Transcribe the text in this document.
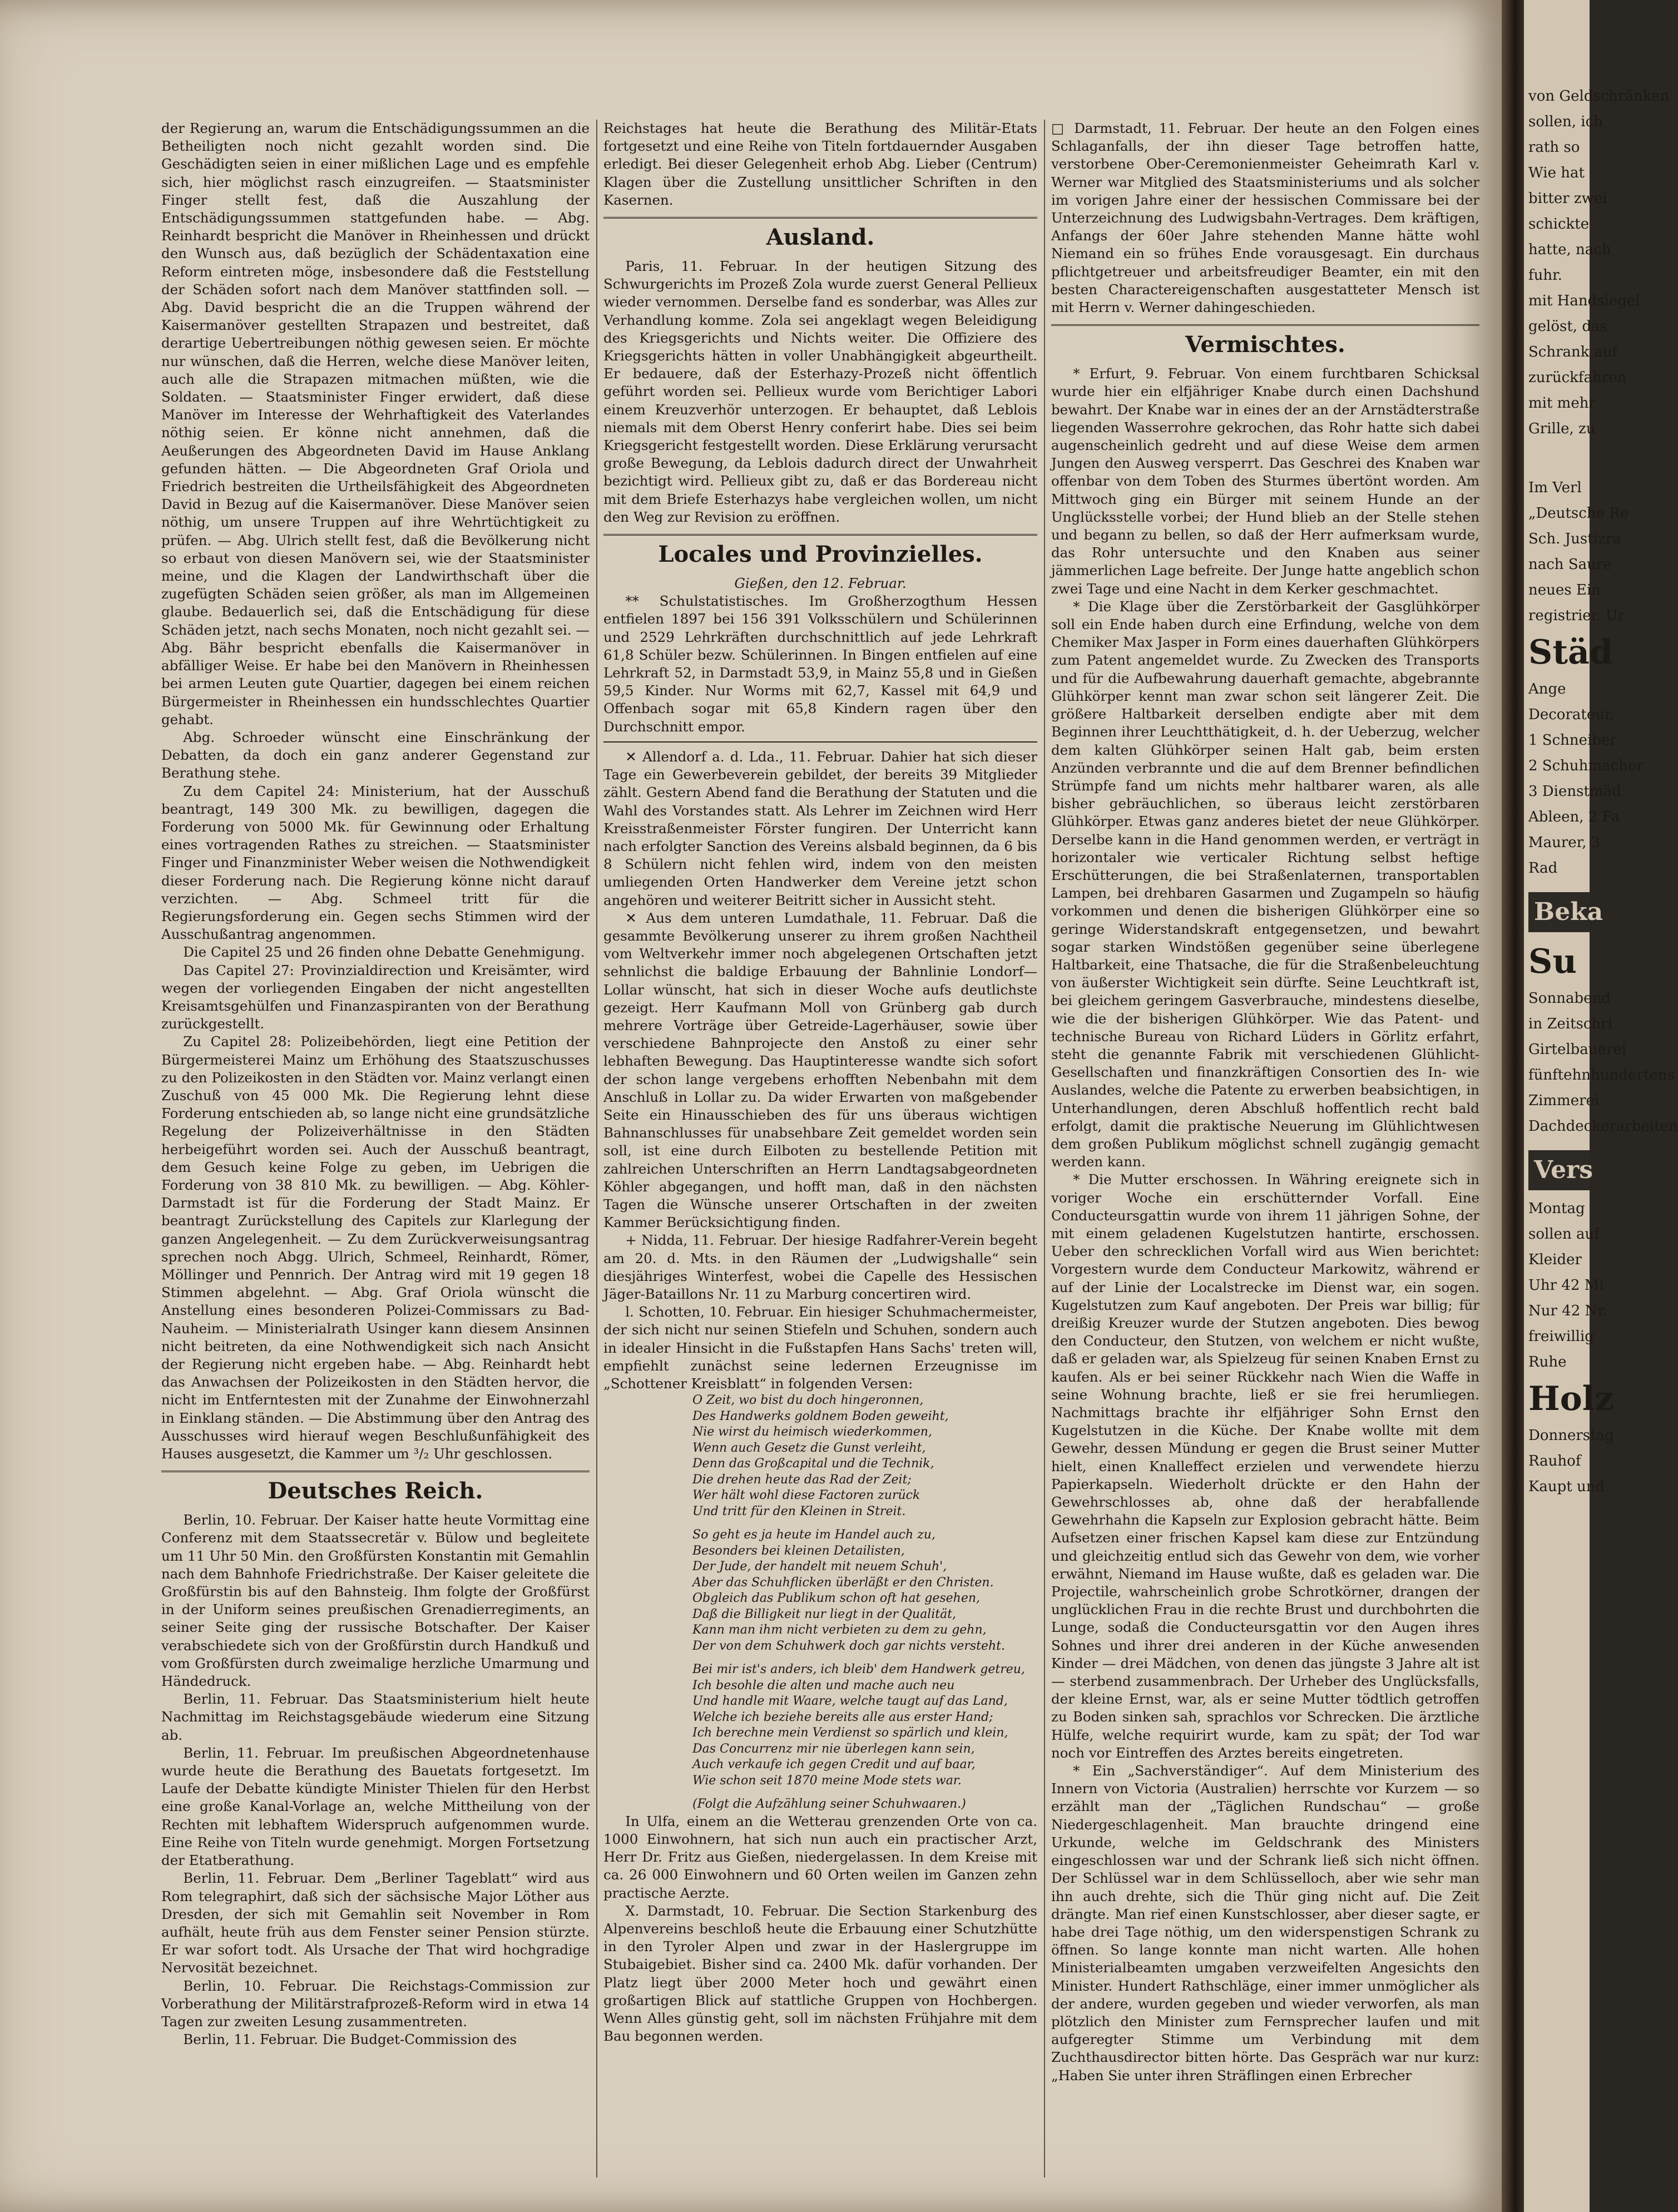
der Regierung an, warum die Entschädigungssummen an die Betheiligten noch nicht gezahlt worden sind. Die Geschädigten seien in einer mißlichen Lage und es empfehle sich, hier möglichst rasch einzugreifen. — Staatsminister Finger stellt fest, daß die Auszahlung der Entschädigungssummen stattgefunden habe. — Abg. Reinhardt bespricht die Manöver in Rheinhessen und drückt den Wunsch aus, daß bezüglich der Schädentaxation eine Reform eintreten möge, insbesondere daß die Feststellung der Schäden sofort nach dem Manöver stattfinden soll. — Abg. David bespricht die an die Truppen während der Kaisermanöver gestellten Strapazen und bestreitet, daß derartige Uebertreibungen nöthig gewesen seien. Er möchte nur wünschen, daß die Herren, welche diese Manöver leiten, auch alle die Strapazen mitmachen müßten, wie die Soldaten. — Staatsminister Finger erwidert, daß diese Manöver im Interesse der Wehrhaftigkeit des Vaterlandes nöthig seien. Er könne nicht annehmen, daß die Aeußerungen des Abgeordneten David im Hause Anklang gefunden hätten. — Die Abgeordneten Graf Oriola und Friedrich bestreiten die Urtheilsfähigkeit des Abgeordneten David in Bezug auf die Kaisermanöver. Diese Manöver seien nöthig, um unsere Truppen auf ihre Wehrtüchtigkeit zu prüfen. — Abg. Ulrich stellt fest, daß die Bevölkerung nicht so erbaut von diesen Manövern sei, wie der Staatsminister meine, und die Klagen der Landwirthschaft über die zugefügten Schäden seien größer, als man im Allgemeinen glaube. Bedauerlich sei, daß die Entschädigung für diese Schäden jetzt, nach sechs Monaten, noch nicht gezahlt sei. — Abg. Bähr bespricht ebenfalls die Kaisermanöver in abfälliger Weise. Er habe bei den Manövern in Rheinhessen bei armen Leuten gute Quartier, dagegen bei einem reichen Bürgermeister in Rheinhessen ein hundsschlechtes Quartier gehabt.

Abg. Schroeder wünscht eine Einschränkung der Debatten, da doch ein ganz anderer Gegenstand zur Berathung stehe.

Zu dem Capitel 24: Ministerium, hat der Ausschuß beantragt, 149 300 Mk. zu bewilligen, dagegen die Forderung von 5000 Mk. für Gewinnung oder Erhaltung eines vortragenden Rathes zu streichen. — Staatsminister Finger und Finanzminister Weber weisen die Nothwendigkeit dieser Forderung nach. Die Regierung könne nicht darauf verzichten. — Abg. Schmeel tritt für die Regierungsforderung ein. Gegen sechs Stimmen wird der Ausschußantrag angenommen.

Die Capitel 25 und 26 finden ohne Debatte Genehmigung.

Das Capitel 27: Provinzialdirection und Kreisämter, wird wegen der vorliegenden Eingaben der nicht angestellten Kreisamtsgehülfen und Finanzaspiranten von der Berathung zurückgestellt.

Zu Capitel 28: Polizeibehörden, liegt eine Petition der Bürgermeisterei Mainz um Erhöhung des Staatszuschusses zu den Polizeikosten in den Städten vor. Mainz verlangt einen Zuschuß von 45 000 Mk. Die Regierung lehnt diese Forderung entschieden ab, so lange nicht eine grundsätzliche Regelung der Polizeiverhältnisse in den Städten herbeigeführt worden sei. Auch der Ausschuß beantragt, dem Gesuch keine Folge zu geben, im Uebrigen die Forderung von 38 810 Mk. zu bewilligen. — Abg. Köhler-Darmstadt ist für die Forderung der Stadt Mainz. Er beantragt Zurückstellung des Capitels zur Klarlegung der ganzen Angelegenheit. — Zu dem Zurückverweisungsantrag sprechen noch Abgg. Ulrich, Schmeel, Reinhardt, Römer, Möllinger und Pennrich. Der Antrag wird mit 19 gegen 18 Stimmen abgelehnt. — Abg. Graf Oriola wünscht die Anstellung eines besonderen Polizei-Commissars zu Bad-Nauheim. — Ministerialrath Usinger kann diesem Ansinnen nicht beitreten, da eine Nothwendigkeit sich nach Ansicht der Regierung nicht ergeben habe. — Abg. Reinhardt hebt das Anwachsen der Polizeikosten in den Städten hervor, die nicht im Entferntesten mit der Zunahme der Einwohnerzahl in Einklang ständen. — Die Abstimmung über den Antrag des Ausschusses wird hierauf wegen Beschlußunfähigkeit des Hauses ausgesetzt, die Kammer um ³/₂ Uhr geschlossen.

Deutsches Reich.

Berlin, 10. Februar. Der Kaiser hatte heute Vormittag eine Conferenz mit dem Staatssecretär v. Bülow und begleitete um 11 Uhr 50 Min. den Großfürsten Konstantin mit Gemahlin nach dem Bahnhofe Friedrichstraße. Der Kaiser geleitete die Großfürstin bis auf den Bahnsteig. Ihm folgte der Großfürst in der Uniform seines preußischen Grenadierregiments, an seiner Seite ging der russische Botschafter. Der Kaiser verabschiedete sich von der Großfürstin durch Handkuß und vom Großfürsten durch zweimalige herzliche Umarmung und Händedruck.

Berlin, 11. Februar. Das Staatsministerium hielt heute Nachmittag im Reichstagsgebäude wiederum eine Sitzung ab.

Berlin, 11. Februar. Im preußischen Abgeordnetenhause wurde heute die Berathung des Bauetats fortgesetzt. Im Laufe der Debatte kündigte Minister Thielen für den Herbst eine große Kanal-Vorlage an, welche Mittheilung von der Rechten mit lebhaftem Widerspruch aufgenommen wurde. Eine Reihe von Titeln wurde genehmigt. Morgen Fortsetzung der Etatberathung.

Berlin, 11. Februar. Dem „Berliner Tageblatt“ wird aus Rom telegraphirt, daß sich der sächsische Major Löther aus Dresden, der sich mit Gemahlin seit November in Rom aufhält, heute früh aus dem Fenster seiner Pension stürzte. Er war sofort todt. Als Ursache der That wird hochgradige Nervosität bezeichnet.

Berlin, 10. Februar. Die Reichstags-Commission zur Vorberathung der Militärstrafprozeß-Reform wird in etwa 14 Tagen zur zweiten Lesung zusammentreten.

Berlin, 11. Februar. Die Budget-Commission des

Reichstages hat heute die Berathung des Militär-Etats fortgesetzt und eine Reihe von Titeln fortdauernder Ausgaben erledigt. Bei dieser Gelegenheit erhob Abg. Lieber (Centrum) Klagen über die Zustellung unsittlicher Schriften in den Kasernen.

Ausland.

Paris, 11. Februar. In der heutigen Sitzung des Schwurgerichts im Prozeß Zola wurde zuerst General Pellieux wieder vernommen. Derselbe fand es sonderbar, was Alles zur Verhandlung komme. Zola sei angeklagt wegen Beleidigung des Kriegsgerichts und Nichts weiter. Die Offiziere des Kriegsgerichts hätten in voller Unabhängigkeit abgeurtheilt. Er bedauere, daß der Esterhazy-Prozeß nicht öffentlich geführt worden sei. Pellieux wurde vom Berichtiger Labori einem Kreuzverhör unterzogen. Er behauptet, daß Leblois niemals mit dem Oberst Henry conferirt habe. Dies sei beim Kriegsgericht festgestellt worden. Diese Erklärung verursacht große Bewegung, da Leblois dadurch direct der Unwahrheit bezichtigt wird. Pellieux gibt zu, daß er das Bordereau nicht mit dem Briefe Esterhazys habe vergleichen wollen, um nicht den Weg zur Revision zu eröffnen.

Locales und Provinzielles.

Gießen, den 12. Februar.

** Schulstatistisches. Im Großherzogthum Hessen entfielen 1897 bei 156 391 Volksschülern und Schülerinnen und 2529 Lehrkräften durchschnittlich auf jede Lehrkraft 61,8 Schüler bezw. Schülerinnen. In Bingen entfielen auf eine Lehrkraft 52, in Darmstadt 53,9, in Mainz 55,8 und in Gießen 59,5 Kinder. Nur Worms mit 62,7, Kassel mit 64,9 und Offenbach sogar mit 65,8 Kindern ragen über den Durchschnitt empor.

✕ Allendorf a. d. Lda., 11. Februar. Dahier hat sich dieser Tage ein Gewerbeverein gebildet, der bereits 39 Mitglieder zählt. Gestern Abend fand die Berathung der Statuten und die Wahl des Vorstandes statt. Als Lehrer im Zeichnen wird Herr Kreisstraßenmeister Förster fungiren. Der Unterricht kann nach erfolgter Sanction des Vereins alsbald beginnen, da 6 bis 8 Schülern nicht fehlen wird, indem von den meisten umliegenden Orten Handwerker dem Vereine jetzt schon angehören und weiterer Beitritt sicher in Aussicht steht.

✕ Aus dem unteren Lumdathale, 11. Februar. Daß die gesammte Bevölkerung unserer zu ihrem großen Nachtheil vom Weltverkehr immer noch abgelegenen Ortschaften jetzt sehnlichst die baldige Erbauung der Bahnlinie Londorf—Lollar wünscht, hat sich in dieser Woche aufs deutlichste gezeigt. Herr Kaufmann Moll von Grünberg gab durch mehrere Vorträge über Getreide-Lagerhäuser, sowie über verschiedene Bahnprojecte den Anstoß zu einer sehr lebhaften Bewegung. Das Hauptinteresse wandte sich sofort der schon lange vergebens erhofften Nebenbahn mit dem Anschluß in Lollar zu. Da wider Erwarten von maßgebender Seite ein Hinausschieben des für uns überaus wichtigen Bahnanschlusses für unabsehbare Zeit gemeldet worden sein soll, ist eine durch Eilboten zu bestellende Petition mit zahlreichen Unterschriften an Herrn Landtagsabgeordneten Köhler abgegangen, und hofft man, daß in den nächsten Tagen die Wünsche unserer Ortschaften in der zweiten Kammer Berücksichtigung finden.

+ Nidda, 11. Februar. Der hiesige Radfahrer-Verein begeht am 20. d. Mts. in den Räumen der „Ludwigshalle“ sein diesjähriges Winterfest, wobei die Capelle des Hessischen Jäger-Bataillons Nr. 11 zu Marburg concertiren wird.

l. Schotten, 10. Februar. Ein hiesiger Schuhmachermeister, der sich nicht nur seinen Stiefeln und Schuhen, sondern auch in idealer Hinsicht in die Fußstapfen Hans Sachs' treten will, empfiehlt zunächst seine ledernen Erzeugnisse im „Schottener Kreisblatt“ in folgenden Versen:

O Zeit, wo bist du doch hingeronnen,
Des Handwerks goldnem Boden geweiht,
Nie wirst du heimisch wiederkommen,
Wenn auch Gesetz die Gunst verleiht,
Denn das Großcapital und die Technik,
Die drehen heute das Rad der Zeit;
Wer hält wohl diese Factoren zurück
Und tritt für den Kleinen in Streit.
So geht es ja heute im Handel auch zu,
Besonders bei kleinen Detailisten,
Der Jude, der handelt mit neuem Schuh',
Aber das Schuhflicken überläßt er den Christen.
Obgleich das Publikum schon oft hat gesehen,
Daß die Billigkeit nur liegt in der Qualität,
Kann man ihm nicht verbieten zu dem zu gehn,
Der von dem Schuhwerk doch gar nichts versteht.
Bei mir ist's anders, ich bleib' dem Handwerk getreu,
Ich besohle die alten und mache auch neu
Und handle mit Waare, welche taugt auf das Land,
Welche ich beziehe bereits alle aus erster Hand;
Ich berechne mein Verdienst so spärlich und klein,
Das Concurrenz mir nie überlegen kann sein,
Auch verkaufe ich gegen Credit und auf baar,
Wie schon seit 1870 meine Mode stets war.
(Folgt die Aufzählung seiner Schuhwaaren.)

In Ulfa, einem an die Wetterau grenzenden Orte von ca. 1000 Einwohnern, hat sich nun auch ein practischer Arzt, Herr Dr. Fritz aus Gießen, niedergelassen. In dem Kreise mit ca. 26 000 Einwohnern und 60 Orten weilen im Ganzen zehn practische Aerzte.

X. Darmstadt, 10. Februar. Die Section Starkenburg des Alpenvereins beschloß heute die Erbauung einer Schutzhütte in den Tyroler Alpen und zwar in der Haslergruppe im Stubaigebiet. Bisher sind ca. 2400 Mk. dafür vorhanden. Der Platz liegt über 2000 Meter hoch und gewährt einen großartigen Blick auf stattliche Gruppen von Hochbergen. Wenn Alles günstig geht, soll im nächsten Frühjahre mit dem Bau begonnen werden.

□ Darmstadt, 11. Februar. Der heute an den Folgen eines Schlaganfalls, der ihn dieser Tage betroffen hatte, verstorbene Ober-Ceremonienmeister Geheimrath Karl v. Werner war Mitglied des Staatsministeriums und als solcher im vorigen Jahre einer der hessischen Commissare bei der Unterzeichnung des Ludwigsbahn-Vertrages. Dem kräftigen, Anfangs der 60er Jahre stehenden Manne hätte wohl Niemand ein so frühes Ende vorausgesagt. Ein durchaus pflichtgetreuer und arbeitsfreudiger Beamter, ein mit den besten Charactereigenschaften ausgestatteter Mensch ist mit Herrn v. Werner dahingeschieden.

Vermischtes.

* Erfurt, 9. Februar. Von einem furchtbaren Schicksal wurde hier ein elfjähriger Knabe durch einen Dachshund bewahrt. Der Knabe war in eines der an der Arnstädterstraße liegenden Wasserrohre gekrochen, das Rohr hatte sich dabei augenscheinlich gedreht und auf diese Weise dem armen Jungen den Ausweg versperrt. Das Geschrei des Knaben war offenbar von dem Toben des Sturmes übertönt worden. Am Mittwoch ging ein Bürger mit seinem Hunde an der Unglücksstelle vorbei; der Hund blieb an der Stelle stehen und begann zu bellen, so daß der Herr aufmerksam wurde, das Rohr untersuchte und den Knaben aus seiner jämmerlichen Lage befreite. Der Junge hatte angeblich schon zwei Tage und eine Nacht in dem Kerker geschmachtet.

* Die Klage über die Zerstörbarkeit der Gasglühkörper soll ein Ende haben durch eine Erfindung, welche von dem Chemiker Max Jasper in Form eines dauerhaften Glühkörpers zum Patent angemeldet wurde. Zu Zwecken des Transports und für die Aufbewahrung dauerhaft gemachte, abgebrannte Glühkörper kennt man zwar schon seit längerer Zeit. Die größere Haltbarkeit derselben endigte aber mit dem Beginnen ihrer Leuchtthätigkeit, d. h. der Ueberzug, welcher dem kalten Glühkörper seinen Halt gab, beim ersten Anzünden verbrannte und die auf dem Brenner befindlichen Strümpfe fand um nichts mehr haltbarer waren, als alle bisher gebräuchlichen, so überaus leicht zerstörbaren Glühkörper. Etwas ganz anderes bietet der neue Glühkörper. Derselbe kann in die Hand genommen werden, er verträgt in horizontaler wie verticaler Richtung selbst heftige Erschütterungen, die bei Straßenlaternen, transportablen Lampen, bei drehbaren Gasarmen und Zugampeln so häufig vorkommen und denen die bisherigen Glühkörper eine so geringe Widerstandskraft entgegensetzen, und bewahrt sogar starken Windstößen gegenüber seine überlegene Haltbarkeit, eine Thatsache, die für die Straßenbeleuchtung von äußerster Wichtigkeit sein dürfte. Seine Leuchtkraft ist, bei gleichem geringem Gasverbrauche, mindestens dieselbe, wie die der bisherigen Glühkörper. Wie das Patent- und technische Bureau von Richard Lüders in Görlitz erfahrt, steht die genannte Fabrik mit verschiedenen Glühlicht-Gesellschaften und finanzkräftigen Consortien des In- wie Auslandes, welche die Patente zu erwerben beabsichtigen, in Unterhandlungen, deren Abschluß hoffentlich recht bald erfolgt, damit die praktische Neuerung im Glühlichtwesen dem großen Publikum möglichst schnell zugängig gemacht werden kann.

* Die Mutter erschossen. In Währing ereignete sich in voriger Woche ein erschütternder Vorfall. Eine Conducteursgattin wurde von ihrem 11 jährigen Sohne, der mit einem geladenen Kugelstutzen hantirte, erschossen. Ueber den schrecklichen Vorfall wird aus Wien berichtet: Vorgestern wurde dem Conducteur Markowitz, während er auf der Linie der Localstrecke im Dienst war, ein sogen. Kugelstutzen zum Kauf angeboten. Der Preis war billig; für dreißig Kreuzer wurde der Stutzen angeboten. Dies bewog den Conducteur, den Stutzen, von welchem er nicht wußte, daß er geladen war, als Spielzeug für seinen Knaben Ernst zu kaufen. Als er bei seiner Rückkehr nach Wien die Waffe in seine Wohnung brachte, ließ er sie frei herumliegen. Nachmittags brachte ihr elfjähriger Sohn Ernst den Kugelstutzen in die Küche. Der Knabe wollte mit dem Gewehr, dessen Mündung er gegen die Brust seiner Mutter hielt, einen Knalleffect erzielen und verwendete hierzu Papierkapseln. Wiederholt drückte er den Hahn der Gewehrschlosses ab, ohne daß der herabfallende Gewehrhahn die Kapseln zur Explosion gebracht hätte. Beim Aufsetzen einer frischen Kapsel kam diese zur Entzündung und gleichzeitig entlud sich das Gewehr von dem, wie vorher erwähnt, Niemand im Hause wußte, daß es geladen war. Die Projectile, wahrscheinlich grobe Schrotkörner, drangen der unglücklichen Frau in die rechte Brust und durchbohrten die Lunge, sodaß die Conducteursgattin vor den Augen ihres Sohnes und ihrer drei anderen in der Küche anwesenden Kinder — drei Mädchen, von denen das jüngste 3 Jahre alt ist — sterbend zusammenbrach. Der Urheber des Unglücksfalls, der kleine Ernst, war, als er seine Mutter tödtlich getroffen zu Boden sinken sah, sprachlos vor Schrecken. Die ärztliche Hülfe, welche requirirt wurde, kam zu spät; der Tod war noch vor Eintreffen des Arztes bereits eingetreten.

* Ein „Sachverständiger“. Auf dem Ministerium des Innern von Victoria (Australien) herrschte vor Kurzem — so erzählt man der „Täglichen Rundschau“ — große Niedergeschlagenheit. Man brauchte dringend eine Urkunde, welche im Geldschrank des Ministers eingeschlossen war und der Schrank ließ sich nicht öffnen. Der Schlüssel war in dem Schlüsselloch, aber wie sehr man ihn auch drehte, sich die Thür ging nicht auf. Die Zeit drängte. Man rief einen Kunstschlosser, aber dieser sagte, er habe drei Tage nöthig, um den widerspenstigen Schrank zu öffnen. So lange konnte man nicht warten. Alle hohen Ministerialbeamten umgaben verzweifelten Angesichts den Minister. Hundert Rathschläge, einer immer unmöglicher als der andere, wurden gegeben und wieder verworfen, als man plötzlich den Minister zum Fernsprecher laufen und mit aufgeregter Stimme um Verbindung mit dem Zuchthausdirector bitten hörte. Das Gespräch war nur kurz: „Haben Sie unter ihren Sträflingen einen Erbrecher

von Geldschränken
sollen, ich
rath so
Wie hat
bitter zwei
schickte
hatte, nach
fuhr.
mit Handsiegel
gelöst, das
Schrank auf
zurückfahren
mit mehr
Grille, zu
Im Verl
„Deutsche Re
Sch. Justizra
nach Saure
neues Ein
registrier. Ur
Städ
Ange
Decorateur,
1 Schneiber
2 Schuhmacher
3 Dienstmäd
Ableen, 2 Fa
Maurer, 3
Rad
Beka
Su
Sonnabend
in Zeitschri
Girtelbauerei
fünftehnhundertens
Zimmerei
Dachdeckerarbeiten
Vers
Montag
sollen auf
Kleider
Uhr 42 Mi
Nur 42 Nr.
freiwillig
Ruhe
Holz
Donnerstag
Rauhof
Kaupt und
